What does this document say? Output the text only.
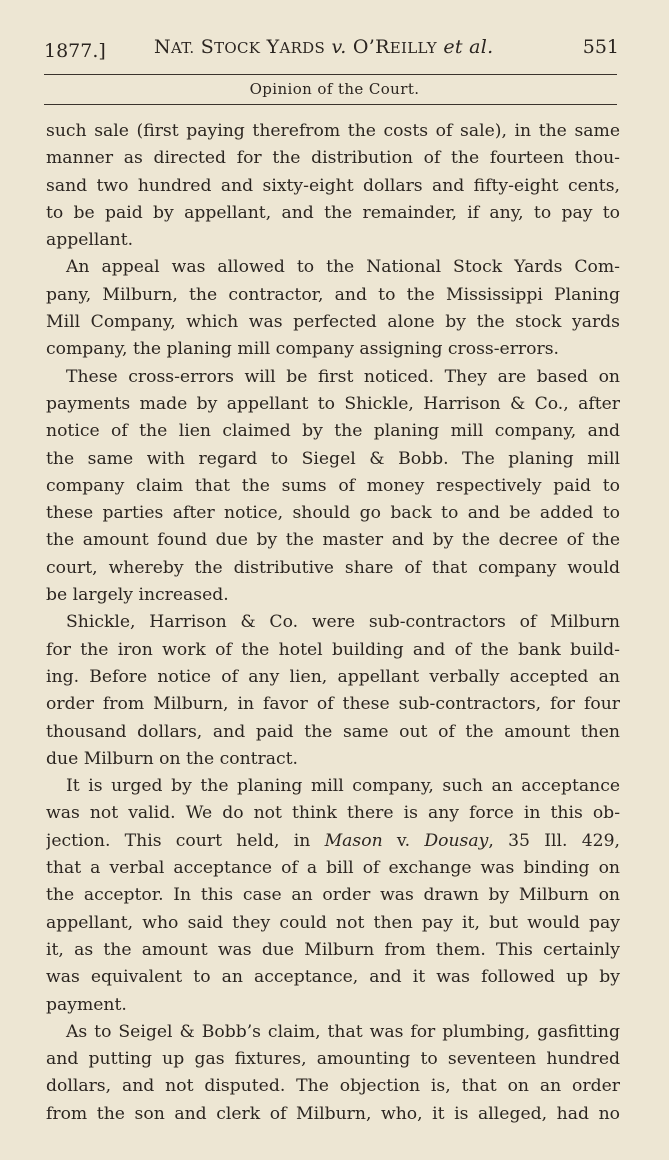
1877.]	NAT. STOCK YARDS v. O’REILLY et al.	551
Opinion of the Court.
such sale (first paying therefrom the costs of sale), in the same
manner as directed for the distribution of the fourteen thou-
sand two hundred and sixty-eight dollars and fifty-eight cents,
to be paid by appellant, and the remainder, if any, to pay to
appellant.
An appeal was allowed to the National Stock Yards Com-
pany, Milburn, the contractor, and to the Mississippi Planing
Mill Company, which was perfected alone by the stock yards
company, the planing mill company assigning cross-errors.
These cross-errors will be first noticed. They are based on
payments made by appellant to Shickle, Harrison & Co., after
notice of the lien claimed by the planing mill company, and
the same with regard to Siegel & Bobb. The planing mill
company claim that the sums of money respectively paid to
these parties after notice, should go back to and be added to
the amount found due by the master and by the decree of the
court, whereby the distributive share of that company would
be largely increased.
Shickle, Harrison & Co. were sub-contractors of Milburn
for the iron work of the hotel building and of the bank build-
ing. Before notice of any lien, appellant verbally accepted an
order from Milburn, in favor of these sub-contractors, for four
thousand dollars, and paid the same out of the amount then
due Milburn on the contract.
It is urged by the planing mill company, such an acceptance
was not valid. We do not think there is any force in this ob-
jection. This court held, in Mason v. Dousay, 35 Ill. 429,
that a verbal acceptance of a bill of exchange was binding on
the acceptor. In this case an order was drawn by Milburn on
appellant, who said they could not then pay it, but would pay
it, as the amount was due Milburn from them. This certainly
was equivalent to an acceptance, and it was followed up by
payment.
As to Seigel & Bobb’s claim, that was for plumbing, gasfitting
and putting up gas fixtures, amounting to seventeen hundred
dollars, and not disputed. The objection is, that on an order
from the son and clerk of Milburn, who, it is alleged, had no
